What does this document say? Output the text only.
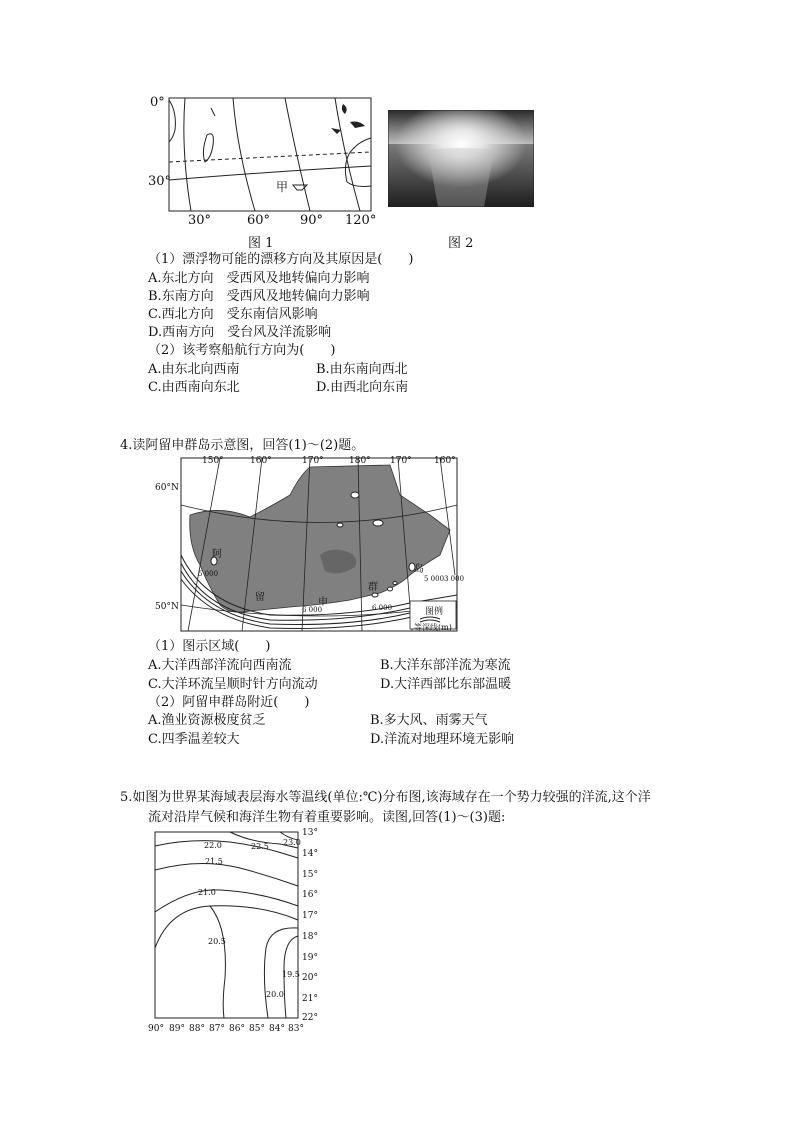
0°
30°
30°	60° 90° 120°
甲
图 1	图 2
（1）漂浮物可能的漂移方向及其原因是(　　)
A.东北方向　受西风及地转偏向力影响
B.东南方向　受西风及地转偏向力影响
C.西北方向　受东南信风影响
D.西南方向　受台风及洋流影响
（2）该考察船航行方向为(　　)
A.由东北向西南	B.由东南向西北
C.由西南向东北	D.由西北向东南
4.读阿留申群岛示意图，回答(1)～(2)题。
150°	160°	170°	180° 170° 160°
60°N
50°N
阿
留	申
群
岛
5 000
5 000 3 000
6 000	6 000	图例
等深线(m)
（1）图示区域(　　)
A.大洋西部洋流向西南流	B.大洋东部洋流为寒流
C.大洋环流呈顺时针方向流动	D.大洋西部比东部温暖
（2）阿留申群岛附近(　　)
A.渔业资源极度贫乏	B.多大风、雨雾天气
C.四季温差较大	D.洋流对地理环境无影响
5.如图为世界某海域表层海水等温线(单位:℃)分布图,该海域存在一个势力较强的洋流,这个洋
流对沿岸气候和海洋生物有着重要影响。读图,回答(1)～(3)题:
22.0	22.5 23.0
21.5
21.0
20.5
20.0
19.5
13°
14°
15°
16°
17°
18°
19°
20°
21°
22°
90° 89° 88° 87° 86° 85° 84° 83°
